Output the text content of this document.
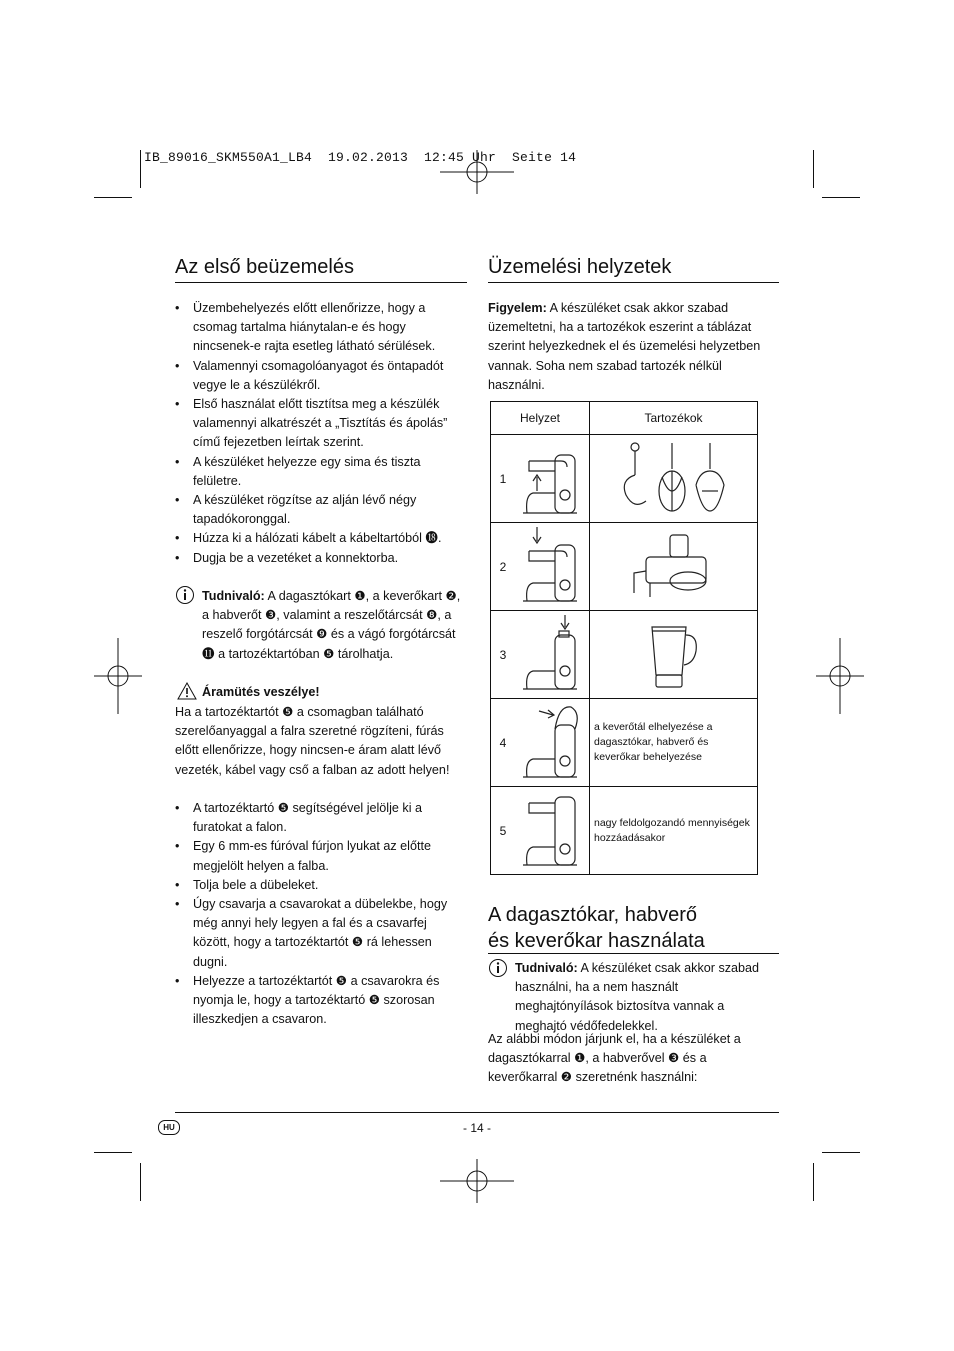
IB_89016_SKM550A1_LB4  19.02.2013  12:45 Uhr  Seite 14
Az első beüzemelés
• Üzembehelyezés előtt ellenőrizze, hogy a csomag tartalma hiánytalan-e és hogy nincsenek-e rajta esetleg látható sérülések.
• Valamennyi csomagolóanyagot és öntapadót vegye le a készülékről.
• Első használat előtt tisztítsa meg a készülék valamennyi alkatrészét a „Tisztítás és ápolás” című fejezetben leírtak szerint.
• A készüléket helyezze egy sima és tiszta felületre.
• A készüléket rögzítse az alján lévő négy tapadókoronggal.
• Húzza ki a hálózati kábelt a kábeltartóból ⓲.
• Dugja be a vezetéket a konnektorba.
Tudnivaló: A dagasztókart ❶, a keverőkart ❷, a habverőt ❸, valamint a reszelőtárcsát ❽, a reszelő forgótárcsát ❾ és a vágó forgótárcsát ⓫ a tartozéktartóban ❺ tárolhatja.
Áramütés veszélye!
Ha a tartozéktartót ❺ a csomagban található szerelőanyaggal a falra szeretné rögzíteni, fúrás előtt ellenőrizze, hogy nincsen-e áram alatt lévő vezeték, kábel vagy cső a falban az adott helyen!
• A tartozéktartó ❺ segítségével jelölje ki a furatokat a falon.
• Egy 6 mm-es fúróval fúrjon lyukat az előtte megjelölt helyen a falba.
• Tolja bele a dübeleket.
• Úgy csavarja a csavarokat a dübelekbe, hogy még annyi hely legyen a fal és a csavarfej között, hogy a tartozéktartót ❺ rá lehessen dugni.
• Helyezze a tartozéktartót ❺ a csavarokra és nyomja le, hogy a tartozéktartó ❺ szorosan illeszkedjen a csavaron.
Üzemelési helyzetek
Figyelem: A készüléket csak akkor szabad üzemeltetni, ha a tartozékok eszerint a táblázat szerint helyezkednek el és üzemelési helyzetben vannak. Soha nem szabad tartozék nélkül használni.
Helyzet		Tartozékok
1		
2		
3		
4		a keverőtál elhelyezése a dagasztókar, habverő és keverőkar behelyezése
5		nagy feldolgozandó mennyiségek hozzáadásakor
A dagasztókar, habverő
és keverőkar használata
Tudnivaló: A készüléket csak akkor szabad használni, ha a nem használt meghajtónyílások biztosítva vannak a meghajtó védőfedelekkel.
Az alábbi módon járjunk el, ha a készüléket a dagasztókarral ❶, a habverővel ❸ és a keverőkarral ❷ szeretnénk használni:
HU	- 14 -
